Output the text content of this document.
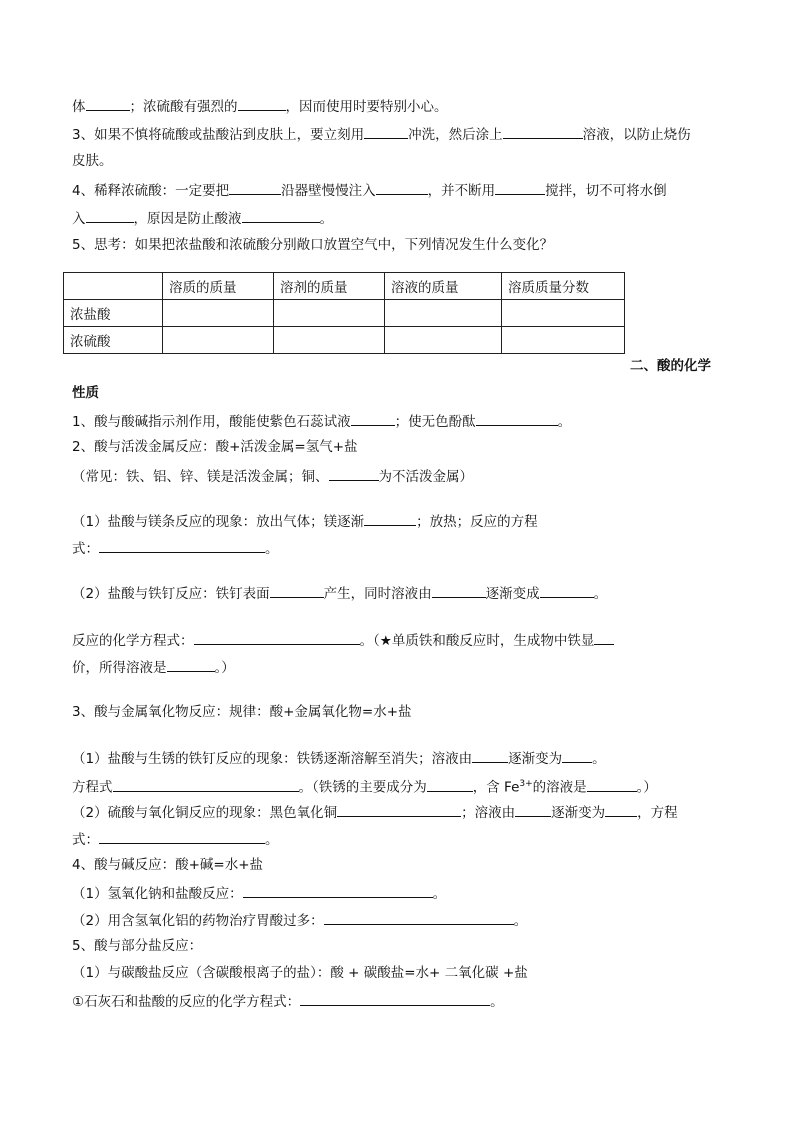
体	；浓硫酸有强烈的	，因而使用时要特别小心。
3、如果不慎将硫酸或盐酸沾到皮肤上，要立刻用	冲洗，然后涂上	溶液，以防止烧伤
皮肤。
4、稀释浓硫酸：一定要把	沿器壁慢慢注入	，并不断用	搅拌，切不可将水倒
入	，原因是防止酸液	。
5、思考：如果把浓盐酸和浓硫酸分别敞口放置空气中，下列情况发生什么变化？
	溶质的质量	溶剂的质量	溶液的质量	溶质质量分数
浓盐酸				
浓硫酸				
二、酸的化学
性质
1、酸与酸碱指示剂作用，酸能使紫色石蕊试液	；使无色酚酞	。
2、酸与活泼金属反应：酸+活泼金属=氢气+盐
（常见：铁、铝、锌、镁是活泼金属；铜、	为不活泼金属）
（1）盐酸与镁条反应的现象：放出气体；镁逐渐	；放热；反应的方程
式：	。
（2）盐酸与铁钉反应：铁钉表面	产生，同时溶液由	逐渐变成	。
反应的化学方程式：	。（★单质铁和酸反应时，生成物中铁显
价，所得溶液是	。）
3、酸与金属氧化物反应：规律：酸+金属氧化物=水+盐
（1）盐酸与生锈的铁钉反应的现象：铁锈逐渐溶解至消失；溶液由	逐渐变为 。
方程式	。（铁锈的主要成分为	，含 $Fe^{3+}$的溶液是	。）
（2）硫酸与氧化铜反应的现象：黑色氧化铜	；溶液由	逐渐变为 ，方程
式：	。
4、酸与碱反应：酸+碱=水+盐
（1）氢氧化钠和盐酸反应：	。
（2）用含氢氧化铝的药物治疗胃酸过多：	。
5、酸与部分盐反应：
（1）与碳酸盐反应（含碳酸根离子的盐）：酸 + 碳酸盐=水+ 二氧化碳 +盐
①石灰石和盐酸的反应的化学方程式：	。
